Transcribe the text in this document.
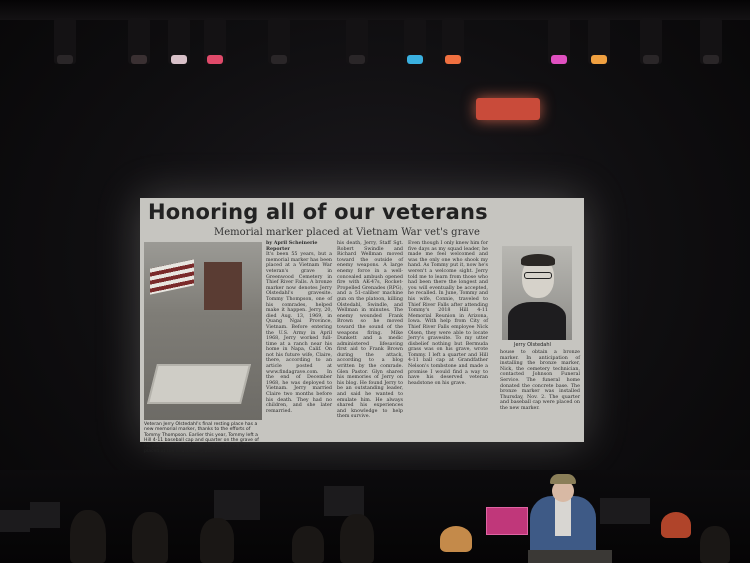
Honoring all of our veterans
Memorial marker placed at Vietnam War vet's grave
Veteran Jerry Olstedahl's final resting place has a new memorial marker, thanks to the efforts of Tommy Thompson. Earlier this year, Tommy left a Hill 4-11 baseball cap and quarter on the grave of his paternal grandfather. They have now been placed at the final resting place.
by April Scheinerie
Reporter
It's been 55 years, but a memorial marker has been placed at a Vietnam War veteran's grave in Greenwood Cemetery in Thief River Falls. A bronze marker now denotes Jerry Olstedahl's gravesite. Tommy Thompson, one of his comrades, helped make it happen. Jerry, 20, died Aug. 13, 1969, in Quang Ngai Province, Vietnam. Before entering the U.S. Army in April 1968, Jerry worked full-time at a ranch near his home in Napa, Calif. On not his future wife, Claire, there, according to an article posted at www.findagrave.com. In the end of December 1968, he was deployed to Vietnam. Jerry married Claire two months before his death. They had no children, and she later remarried.
his death, Jerry, Staff Sgt. Robert Swindle and Richard Wellman moved toward the outside of enemy weapons. A large enemy force in a well-concealed ambush opened fire with AK-47s, Rocket-Propelled Grenades (RPG), and a 51-caliber machine gun on the platoon, killing Olstedahl, Swindle, and Wellman in minutes. The enemy wounded Frank Brown so he moved toward the sound of the weapons firing. Mike Dunkett and a medic administered lifesaving first aid to Frank Brown during the attack, according to a blog written by the comrade. Glen Pastor. Glyn shared his memories of Jerry on his blog. He found Jerry to be an outstanding leader, and said he wanted to emulate him. He always shared his experiences and knowledge to help them survive.
Even though I only knew him for five days as my squad leader, he made me feel welcomed and was the only one who shook my hand. As Tommy put it, now he's weren't a welcome sight. Jerry told me to learn from those who had been there the longest and you will eventually be accepted, he recalled. In June, Tommy and his wife, Connie, traveled to Thief River Falls after attending Tommy's 2018 Hill 4-11 Memorial Reunion in Arizona, Iowa. With help from City of Thief River Falls employee Nick Olsen, they were able to locate Jerry's gravesite. To my utter disbelief nothing but Bermuda grass was on his grave, wrote Tommy. I left a quarter and Hill 4-11 ball cap at Grandfather Nelson's tombstone and made a promise I would find a way to have his deserved veteran headstone on his grave.
Jerry Olstedahl
house to obtain a bronze marker. In anticipation of installing the bronze marker, Nick, the cemetery technician, contacted Johnson Funeral Service. The funeral home donated the concrete base. The bronze marker was installed Thursday, Nov. 2. The quarter and baseball cap were placed on the new marker.
